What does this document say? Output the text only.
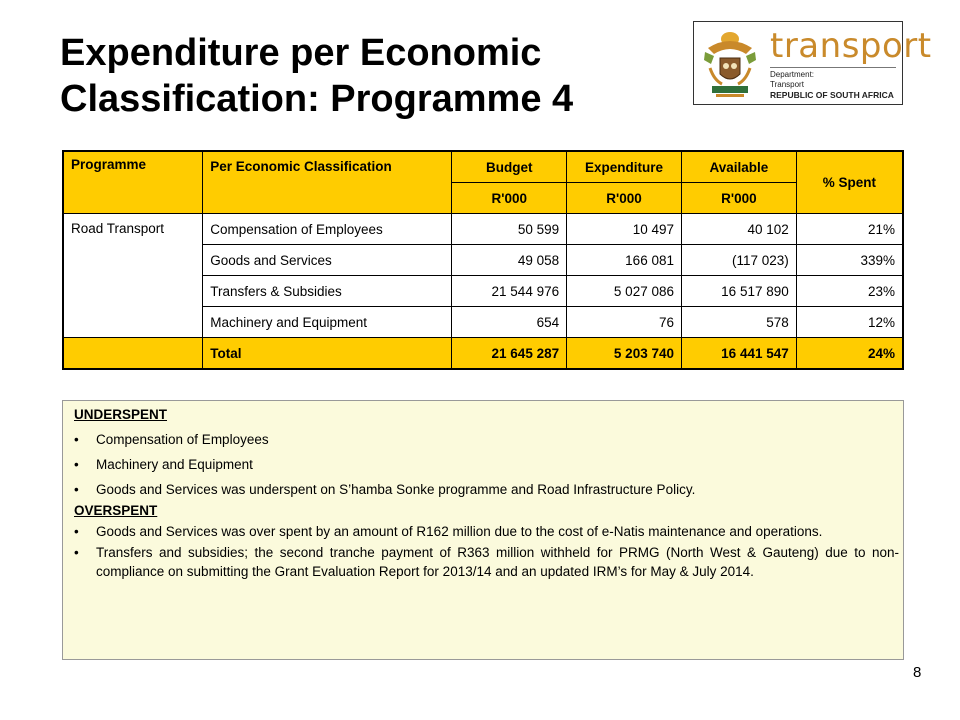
Expenditure per Economic
Classification: Programme 4
transport
Department:
Transport
REPUBLIC OF SOUTH AFRICA
Programme	Per Economic Classification	Budget	Expenditure	Available	% Spent
		R'000	R'000	R'000	
Road Transport	Compensation of Employees	50 599	10 497	40 102	21%
	Goods and Services	49 058	166 081	(117 023)	339%
	Transfers & Subsidies	21 544 976	5 027 086	16 517 890	23%
	Machinery and Equipment	654	76	578	12%
	Total	21 645 287	5 203 740	16 441 547	24%
UNDERSPENT
• Compensation of Employees
• Machinery and Equipment
• Goods and Services was underspent on S’hamba Sonke programme and Road Infrastructure Policy.
OVERSPENT
• Goods and Services was over spent by an amount of R162 million due to the cost of e-Natis maintenance and operations.
• Transfers and subsidies; the second tranche payment of R363 million withheld for PRMG (North West & Gauteng) due to non-compliance on submitting the Grant Evaluation Report for 2013/14 and an updated IRM’s for May & July 2014.
8
